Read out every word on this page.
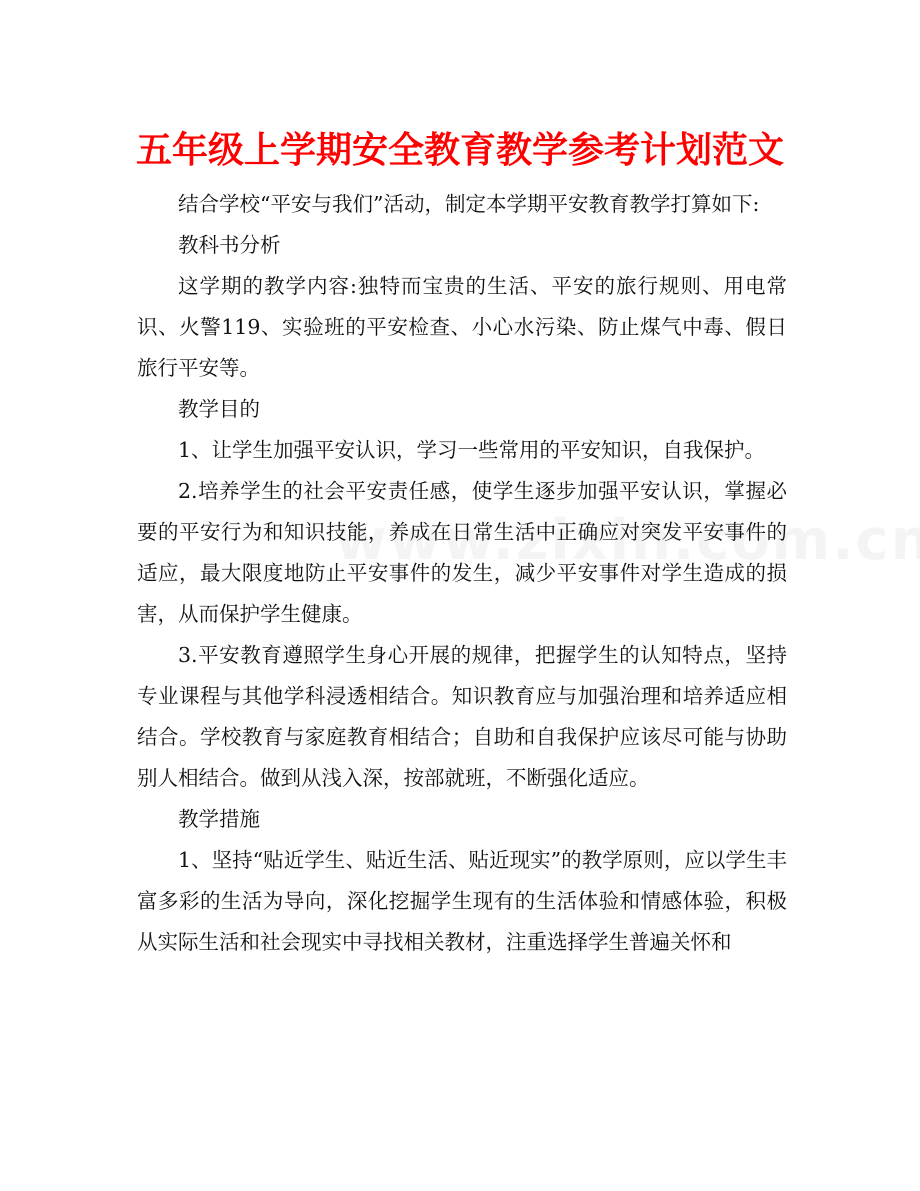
五年级上学期安全教育教学参考计划范文

结合学校“平安与我们”活动，制定本学期平安教育教学打算如下:

教科书分析

这学期的教学内容:独特而宝贵的生活、平安的旅行规则、用电常识、火警119、实验班的平安检查、小心水污染、防止煤气中毒、假日旅行平安等。

教学目的

1、让学生加强平安认识，学习一些常用的平安知识，自我保护。

2.培养学生的社会平安责任感，使学生逐步加强平安认识，掌握必要的平安行为和知识技能，养成在日常生活中正确应对突发平安事件的适应，最大限度地防止平安事件的发生，减少平安事件对学生造成的损害，从而保护学生健康。

3.平安教育遵照学生身心开展的规律，把握学生的认知特点，坚持专业课程与其他学科浸透相结合。知识教育应与加强治理和培养适应相结合。学校教育与家庭教育相结合；自助和自我保护应该尽可能与协助别人相结合。做到从浅入深，按部就班，不断强化适应。

教学措施

1、坚持“贴近学生、贴近生活、贴近现实”的教学原则，应以学生丰富多彩的生活为导向，深化挖掘学生现有的生活体验和情感体验，积极从实际生活和社会现实中寻找相关教材，注重选择学生普遍关怀和
